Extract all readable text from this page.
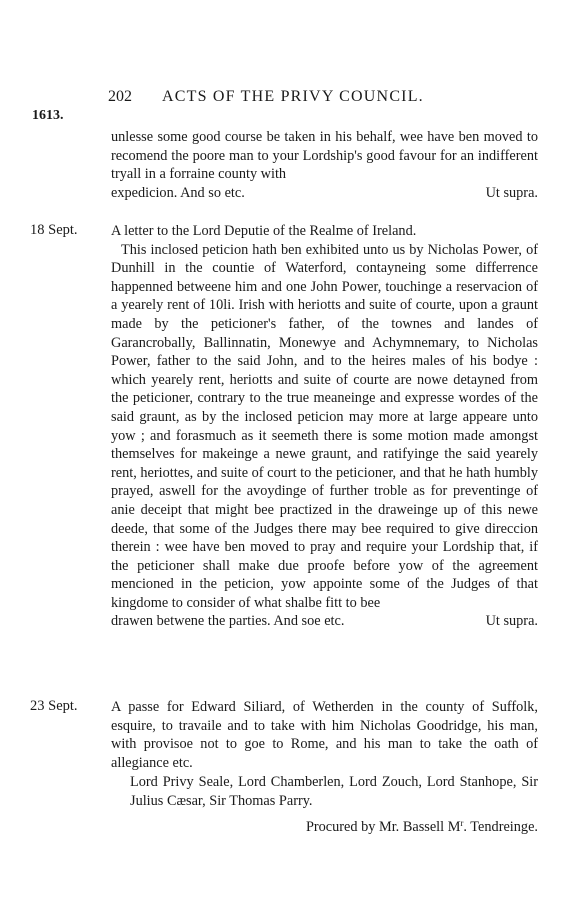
202 ACTS OF THE PRIVY COUNCIL.
1613.

unlesse some good course be taken in his behalf, wee have ben moved to recomend the poore man to your Lordship's good favour for an indifferent tryall in a forraine county with

expedicion. And so etc.	Ut supra.
18 Sept. A letter to the Lord Deputie of the Realme of Ireland.

This inclosed peticion hath ben exhibited unto us by Nicholas Power, of Dunhill in the countie of Waterford, contayneing some differrence happenned betweene him and one John Power, touchinge a reservacion of a yearely rent of 10li. Irish with heriotts and suite of courte, upon a graunt made by the peticioner's father, of the townes and landes of Garancrobally, Ballinnatin, Monewye and Achymnemary, to Nicholas Power, father to the said John, and to the heires males of his bodye : which yearely rent, heriotts and suite of courte are nowe detayned from the peticioner, contrary to the true meaneinge and expresse wordes of the said graunt, as by the inclosed peticion may more at large appeare unto yow ; and forasmuch as it seemeth there is some motion made amongst themselves for makeinge a newe graunt, and ratifyinge the said yearely rent, heriottes, and suite of court to the peticioner, and that he hath humbly prayed, aswell for the avoydinge of further troble as for preventinge of anie deceipt that might bee practized in the draweinge up of this newe deede, that some of the Judges there may bee required to give direccion therein : wee have ben moved to pray and require your Lordship that, if the peticioner shall make due proofe before yow of the agreement mencioned in the peticion, yow appointe some of the Judges of that kingdome to consider of what shalbe fitt to bee

drawen betwene the parties. And soe etc.	Ut supra.
23 Sept. A passe for Edward Siliard, of Wetherden in the county of Suffolk, esquire, to travaile and to take with him Nicholas Goodridge, his man, with provisoe not to goe to Rome, and his man to take the oath of allegiance etc.

Lord Privy Seale, Lord Chamberlen, Lord Zouch, Lord Stanhope, Sir Julius Cæsar, Sir Thomas Parry.

Procured by Mr. Bassell $M^r$. Tendreinge.
